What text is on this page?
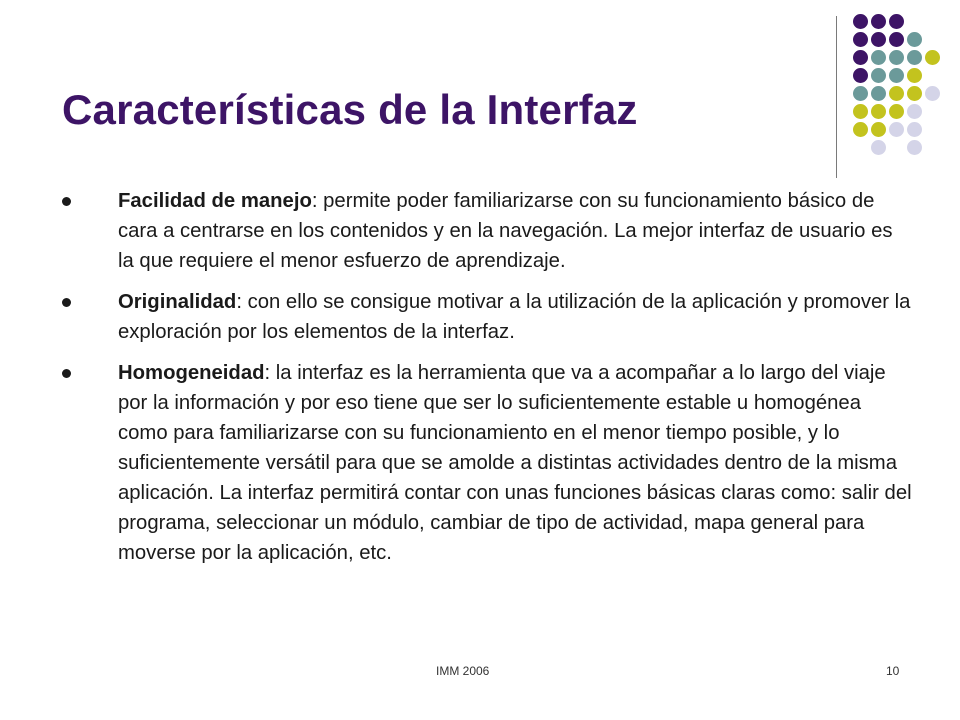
Características de la Interfaz
Facilidad de manejo: permite poder familiarizarse con su funcionamiento básico de cara a centrarse en los contenidos y en la navegación. La mejor interfaz de usuario es la que requiere el menor esfuerzo de aprendizaje.
Originalidad: con ello se consigue motivar a la utilización de la aplicación y promover la exploración por los elementos de la interfaz.
Homogeneidad: la interfaz es la herramienta que va a acompañar a lo largo del viaje por la información y por eso tiene que ser lo suficientemente estable u homogénea como para familiarizarse con su funcionamiento en el menor tiempo posible, y lo suficientemente versátil para que se amolde a distintas actividades dentro de la misma aplicación. La interfaz permitirá contar con unas funciones básicas claras como: salir del programa, seleccionar un módulo, cambiar de tipo de actividad, mapa general para moverse por la aplicación, etc.
IMM 2006	10
